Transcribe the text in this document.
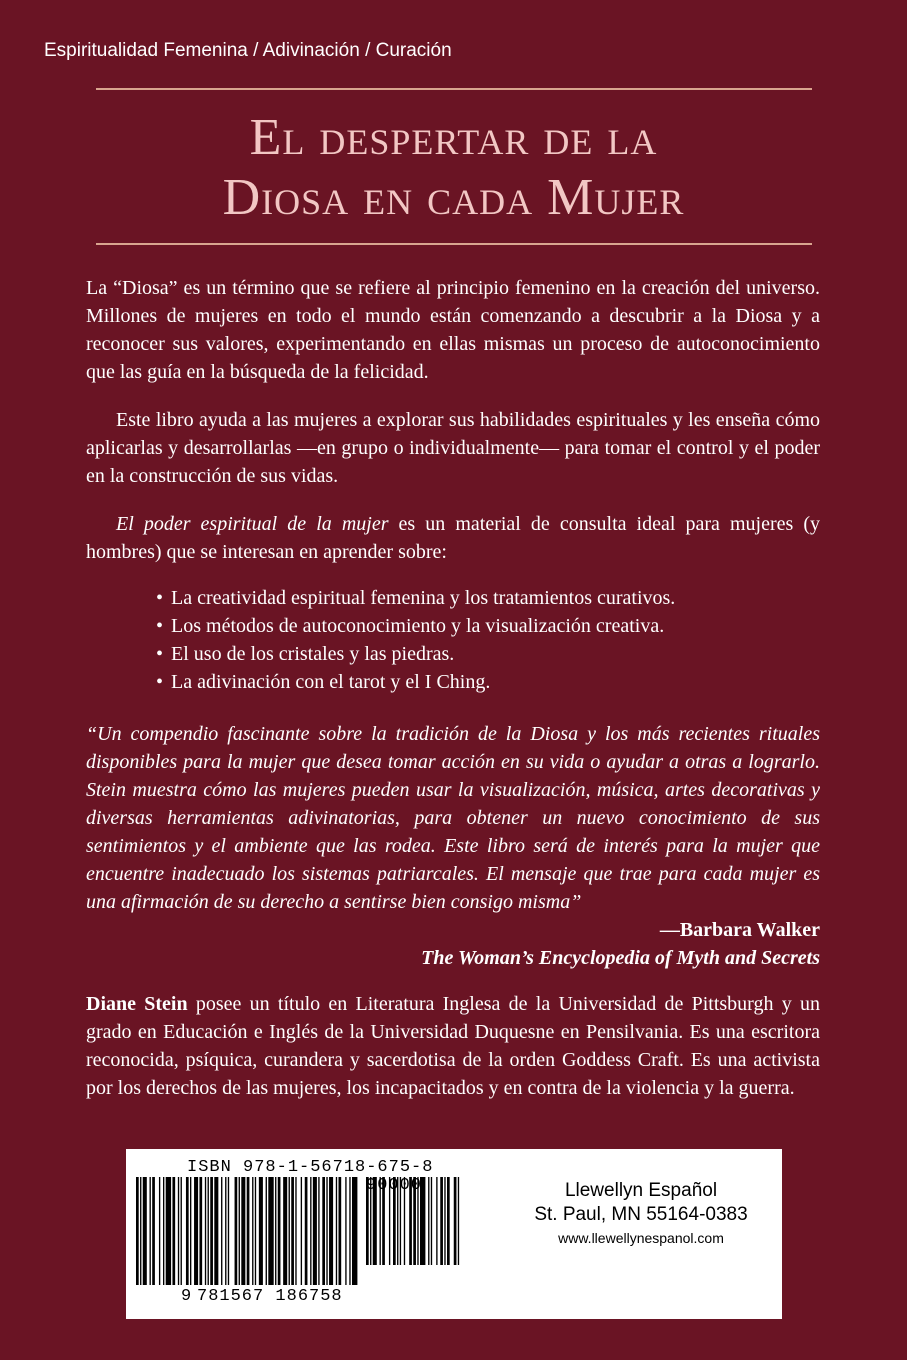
Espiritualidad Femenina / Adivinación / Curación
El despertar de la
Diosa en cada Mujer

La “Diosa” es un término que se refiere al principio femenino en la creación del universo. Millones de mujeres en todo el mundo están comenzando a descubrir a la Diosa y a reconocer sus valores, experimentando en ellas mismas un proceso de autoconocimiento que las guía en la búsqueda de la felicidad.

Este libro ayuda a las mujeres a explorar sus habilidades espirituales y les enseña cómo aplicarlas y desarrollarlas —en grupo o individualmente— para tomar el control y el poder en la construcción de sus vidas.

El poder espiritual de la mujer es un material de consulta ideal para mujeres (y hombres) que se interesan en aprender sobre:

• La creatividad espiritual femenina y los tratamientos curativos.
• Los métodos de autoconocimiento y la visualización creativa.
• El uso de los cristales y las piedras.
• La adivinación con el tarot y el I Ching.

“Un compendio fascinante sobre la tradición de la Diosa y los más recientes rituales disponibles para la mujer que desea tomar acción en su vida o ayudar a otras a lograrlo. Stein muestra cómo las mujeres pueden usar la visualización, música, artes decorativas y diversas herramientas adivinatorias, para obtener un nuevo conocimiento de sus sentimientos y el ambiente que las rodea. Este libro será de interés para la mujer que encuentre inadecuado los sistemas patriarcales. El mensaje que trae para cada mujer es una afirmación de su derecho a sentirse bien consigo misma”

—Barbara Walker

The Woman’s Encyclopedia of Myth and Secrets

Diane Stein posee un título en Literatura Inglesa de la Universidad de Pittsburgh y un grado en Educación e Inglés de la Universidad Duquesne en Pensilvania. Es una escritora reconocida, psíquica, curandera y sacerdotisa de la orden Goddess Craft. Es una activista por los derechos de las mujeres, los incapacitados y en contra de la violencia y la guerra.

ISBN 978-1-56718-675-8
90000
9 781567 186758
Llewellyn Español
St. Paul, MN 55164-0383
www.llewellynespanol.com
